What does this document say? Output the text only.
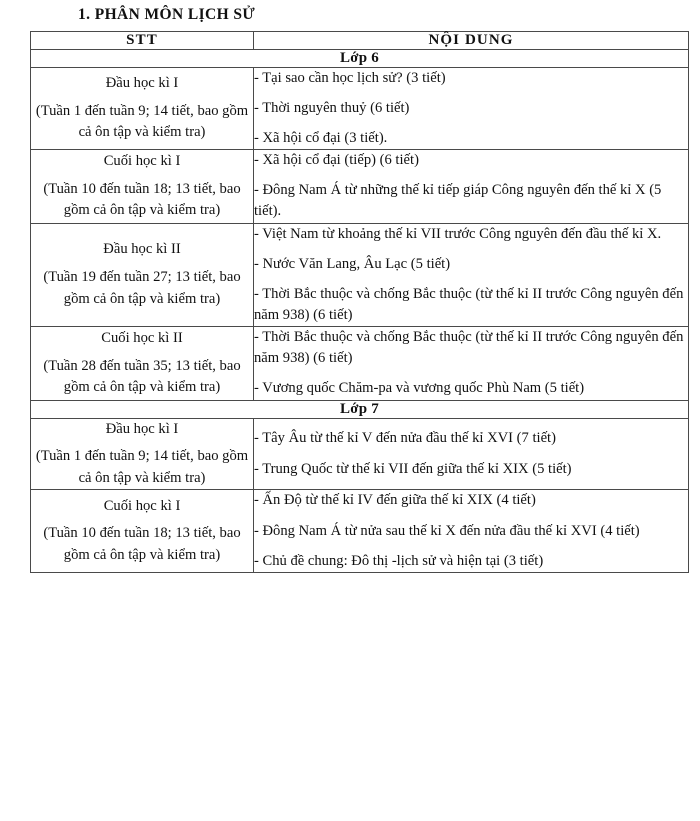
1. PHÂN MÔN LỊCH SỬ
STT	NỘI DUNG
Lớp 6	

Đầu học kì I
(Tuần 1 đến tuần 9; 14 tiết, bao gồm cả ôn tập và kiểm tra)	- Tại sao cần học lịch sử? (3 tiết)
- Thời nguyên thuỷ (6 tiết)
- Xã hội cổ đại (3 tiết).

Cuối học kì I
(Tuần 10 đến tuần 18; 13 tiết, bao gồm cả ôn tập và kiểm tra)	- Xã hội cổ đại (tiếp) (6 tiết)
- Đông Nam Á từ những thế kỉ tiếp giáp Công nguyên đến thế kỉ X (5 tiết).

Đầu học kì II
(Tuần 19 đến tuần 27; 13 tiết, bao gồm cả ôn tập và kiểm tra)	- Việt Nam từ khoảng thế kỉ VII trước Công nguyên đến đầu thế kỉ X.
- Nước Văn Lang, Âu Lạc (5 tiết)
- Thời Bắc thuộc và chống Bắc thuộc (từ thế kỉ II trước Công nguyên đến năm 938) (6 tiết)

Cuối học kì II
(Tuần 28 đến tuần 35; 13 tiết, bao gồm cả ôn tập và kiểm tra)	- Thời Bắc thuộc và chống Bắc thuộc (từ thế kỉ II trước Công nguyên đến năm 938) (6 tiết)
- Vương quốc Chăm-pa và vương quốc Phù Nam (5 tiết)

Lớp 7	

Đầu học kì I
(Tuần 1 đến tuần 9; 14 tiết, bao gồm cả ôn tập và kiểm tra)	- Tây Âu từ thế kỉ V đến nửa đầu thế kỉ XVI (7 tiết)
- Trung Quốc từ thế kỉ VII đến giữa thế kỉ XIX (5 tiết)

Cuối học kì I
(Tuần 10 đến tuần 18; 13 tiết, bao gồm cả ôn tập và kiểm tra)	- Ấn Độ từ thế kỉ IV đến giữa thế kỉ XIX (4 tiết)
- Đông Nam Á từ nửa sau thế kỉ X đến nửa đầu thế kỉ XVI (4 tiết)
- Chủ đề chung: Đô thị -lịch sử và hiện tại (3 tiết)
